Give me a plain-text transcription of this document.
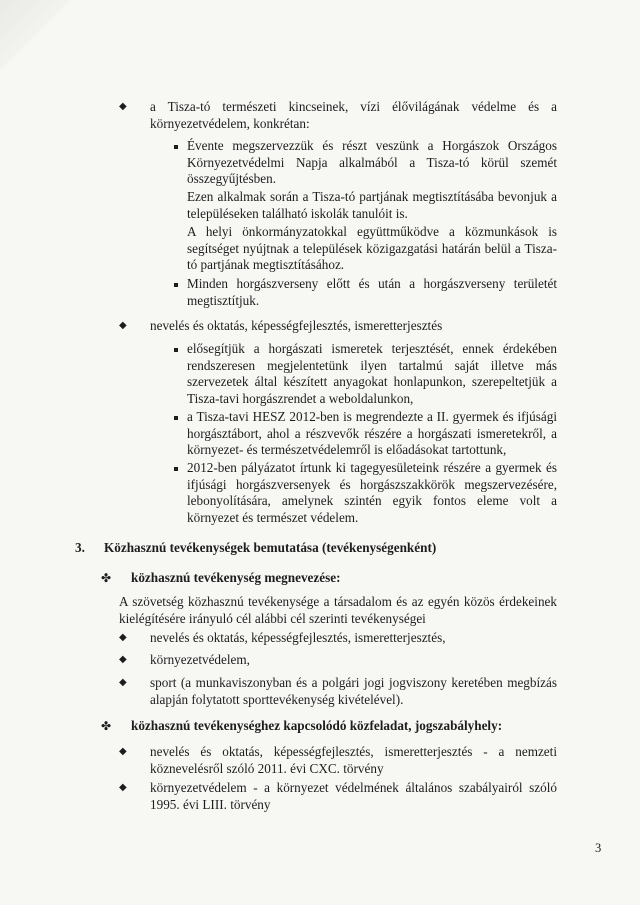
◆ a Tisza-tó természeti kincseinek, vízi élővilágának védelme és a környezetvédelem, konkrétan:
Évente megszervezzük és részt veszünk a Horgászok Országos Környezetvédelmi Napja alkalmából a Tisza-tó körül szemét összegyűjtésben.
Ezen alkalmak során a Tisza-tó partjának megtisztításába bevonjuk a településeken található iskolák tanulóit is.
A helyi önkormányzatokkal együttműködve a közmunkások is segítséget nyújtnak a települések közigazgatási határán belül a Tisza-tó partjának megtisztításához.
Minden horgászverseny előtt és után a horgászverseny területét megtisztítjuk.
◆ nevelés és oktatás, képességfejlesztés, ismeretterjesztés
elősegítjük a horgászati ismeretek terjesztését, ennek érdekében rendszeresen megjelentetünk ilyen tartalmú saját illetve más szervezetek által készített anyagokat honlapunkon, szerepeltetjük a Tisza-tavi horgászrendet a weboldalunkon,
a Tisza-tavi HESZ 2012-ben is megrendezte a II. gyermek és ifjúsági horgásztábort, ahol a részvevők részére a horgászati ismeretekről, a környezet- és természetvédelemről is előadásokat tartottunk,
2012-ben pályázatot írtunk ki tagegyesületeink részére a gyermek és ifjúsági horgászversenyek és horgászszakkörök megszervezésére, lebonyolítására, amelynek szintén egyik fontos eleme volt a környezet és természet védelem.
3. Közhasznú tevékenységek bemutatása (tevékenységenként)
✤ közhasznú tevékenység megnevezése:
A szövetség közhasznú tevékenysége a társadalom és az egyén közös érdekeinek kielégítésére irányuló cél alábbi cél szerinti tevékenységei
◆ nevelés és oktatás, képességfejlesztés, ismeretterjesztés,
◆ környezetvédelem,
◆ sport (a munkaviszonyban és a polgári jogi jogviszony keretében megbízás alapján folytatott sporttevékenység kivételével).
✤ közhasznú tevékenységhez kapcsolódó közfeladat, jogszabályhely:
◆ nevelés és oktatás, képességfejlesztés, ismeretterjesztés - a nemzeti köznevelésről szóló 2011. évi CXC. törvény
◆ környezetvédelem - a környezet védelmének általános szabályairól szóló 1995. évi LIII. törvény
3
